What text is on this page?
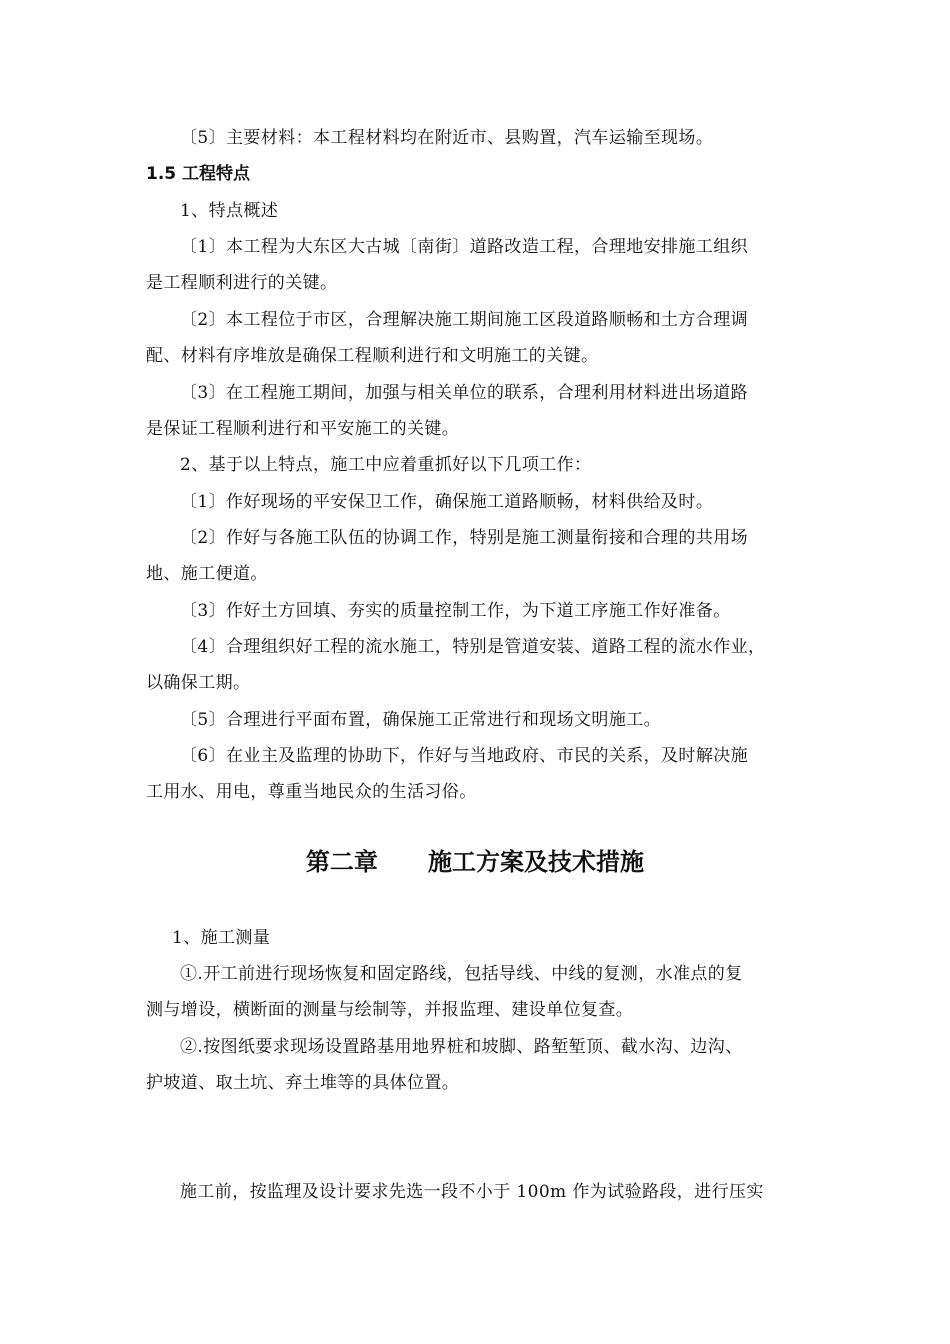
〔5〕主要材料：本工程材料均在附近市、县购置，汽车运输至现场。
1.5 工程特点
1、特点概述
〔1〕本工程为大东区大古城〔南街〕道路改造工程，合理地安排施工组织
是工程顺利进行的关键。
〔2〕本工程位于市区，合理解决施工期间施工区段道路顺畅和土方合理调
配、材料有序堆放是确保工程顺利进行和文明施工的关键。
〔3〕在工程施工期间，加强与相关单位的联系，合理利用材料进出场道路
是保证工程顺利进行和平安施工的关键。
2、基于以上特点，施工中应着重抓好以下几项工作：
〔1〕作好现场的平安保卫工作，确保施工道路顺畅，材料供给及时。
〔2〕作好与各施工队伍的协调工作，特别是施工测量衔接和合理的共用场
地、施工便道。
〔3〕作好土方回填、夯实的质量控制工作，为下道工序施工作好准备。
〔4〕合理组织好工程的流水施工，特别是管道安装、道路工程的流水作业，
以确保工期。
〔5〕合理进行平面布置，确保施工正常进行和现场文明施工。
〔6〕在业主及监理的协助下，作好与当地政府、市民的关系，及时解决施
工用水、用电，尊重当地民众的生活习俗。
第二章      施工方案及技术措施
1、施工测量
①.开工前进行现场恢复和固定路线，包括导线、中线的复测，水准点的复
测与增设，横断面的测量与绘制等，并报监理、建设单位复查。
②.按图纸要求现场设置路基用地界桩和坡脚、路堑堑顶、截水沟、边沟、
护坡道、取土坑、弃土堆等的具体位置。
施工前，按监理及设计要求先选一段不小于 100m 作为试验路段，进行压实
